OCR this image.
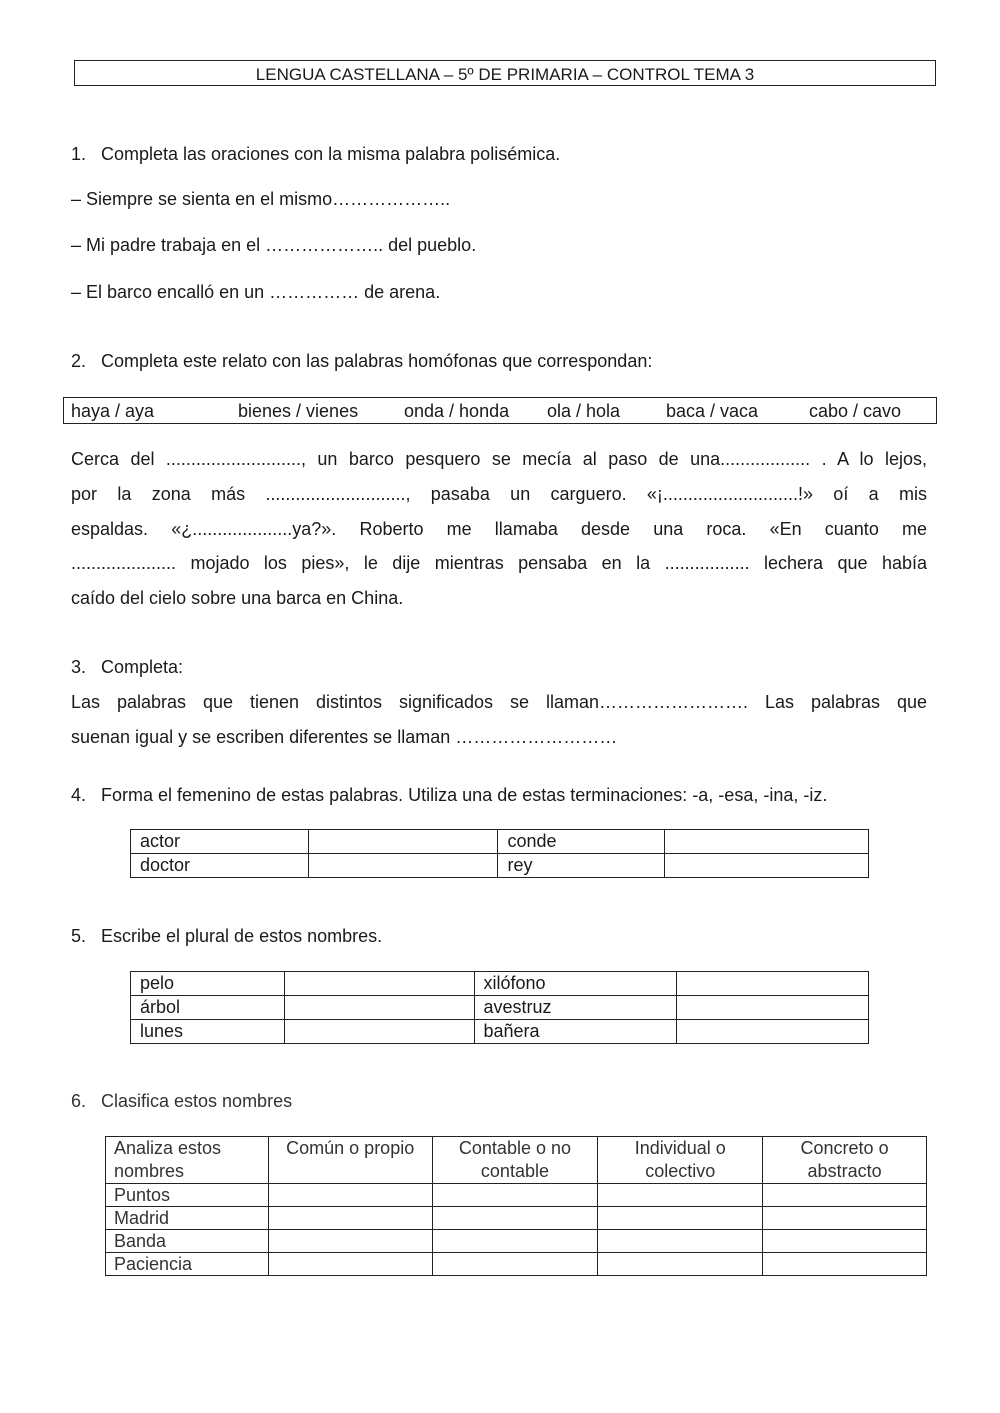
LENGUA CASTELLANA – 5º DE PRIMARIA – CONTROL TEMA 3
1. Completa las oraciones con la misma palabra polisémica.
– Siempre se sienta en el mismo………………..
– Mi padre trabaja en el ……………….. del pueblo.
– El barco encalló en un …………… de arena.
2. Completa este relato con las palabras homófonas que correspondan:
haya / aya	bienes / vienes	onda / honda ola / hola	baca / vaca	cabo / cavo

Cerca del ..........................., un barco pesquero se mecía al paso de una.................. . A lo lejos,

por la zona más ............................, pasaba un carguero. «¡...........................!» oí a mis

espaldas. «¿....................ya?». Roberto me llamaba desde una roca. «En cuanto me

..................... mojado los pies», le dije mientras pensaba en la ................. lechera que había

caído del cielo sobre una barca en China.

3. Completa:

Las palabras que tienen distintos significados se llaman……………………. Las palabras que

suenan igual y se escriben diferentes se llaman ………………………

4. Forma el femenino de estas palabras. Utiliza una de estas terminaciones: -a, -esa, -ina, -iz.
actor		conde	
doctor		rey	
5. Escribe el plural de estos nombres.
pelo		xilófono	
árbol		avestruz	
lunes		bañera	
6. Clasifica estos nombres
Analiza estos nombres	Común o propio	Contable o no contable	Individual o colectivo	Concreto o abstracto
Puntos				
Madrid				
Banda				
Paciencia				
